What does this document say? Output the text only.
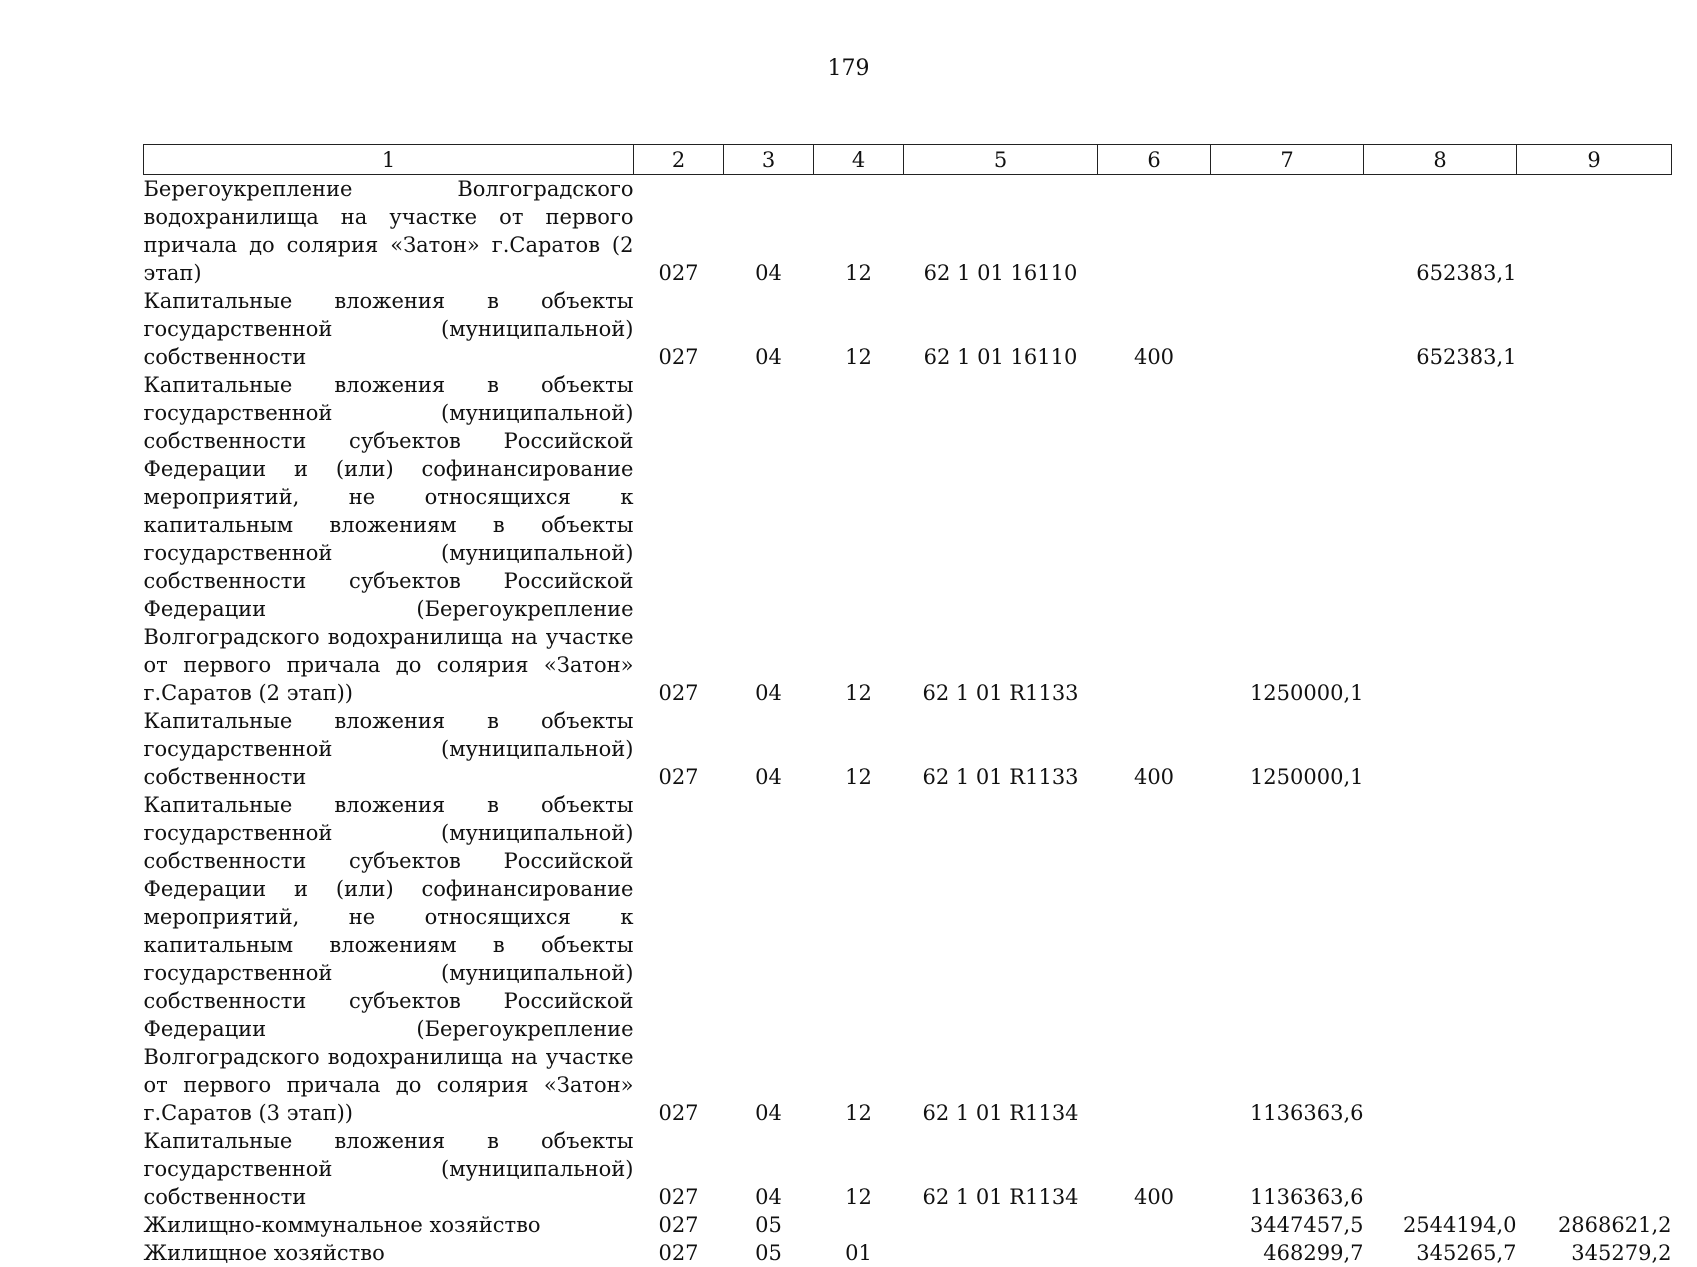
179
1	2	3	4	5	6	7	8	9
Берегоукрепление Волгоградского водохранилища на участке от первого причала до солярия «Затон» г.Саратов (2 этап)	027	04	12	62 1 01 16110			652383,1	
Капитальные вложения в объекты государственной (муниципальной) собственности	027	04	12	62 1 01 16110	400		652383,1	
Капитальные вложения в объекты государственной (муниципальной) собственности субъектов Российской Федерации и (или) софинансирование мероприятий, не относящихся к капитальным вложениям в объекты государственной (муниципальной) собственности субъектов Российской Федерации (Берегоукрепление Волгоградского водохранилища на участке от первого причала до солярия «Затон» г.Саратов (2 этап))	027	04	12	62 1 01 R1133		1250000,1		
Капитальные вложения в объекты государственной (муниципальной) собственности	027	04	12	62 1 01 R1133	400	1250000,1		
Капитальные вложения в объекты государственной (муниципальной) собственности субъектов Российской Федерации и (или) софинансирование мероприятий, не относящихся к капитальным вложениям в объекты государственной (муниципальной) собственности субъектов Российской Федерации (Берегоукрепление Волгоградского водохранилища на участке от первого причала до солярия «Затон» г.Саратов (3 этап))	027	04	12	62 1 01 R1134		1136363,6		
Капитальные вложения в объекты государственной (муниципальной) собственности	027	04	12	62 1 01 R1134	400	1136363,6		
Жилищно-коммунальное хозяйство	027	05				3447457,5	2544194,0	2868621,2
Жилищное хозяйство	027	05	01			468299,7	345265,7	345279,2
